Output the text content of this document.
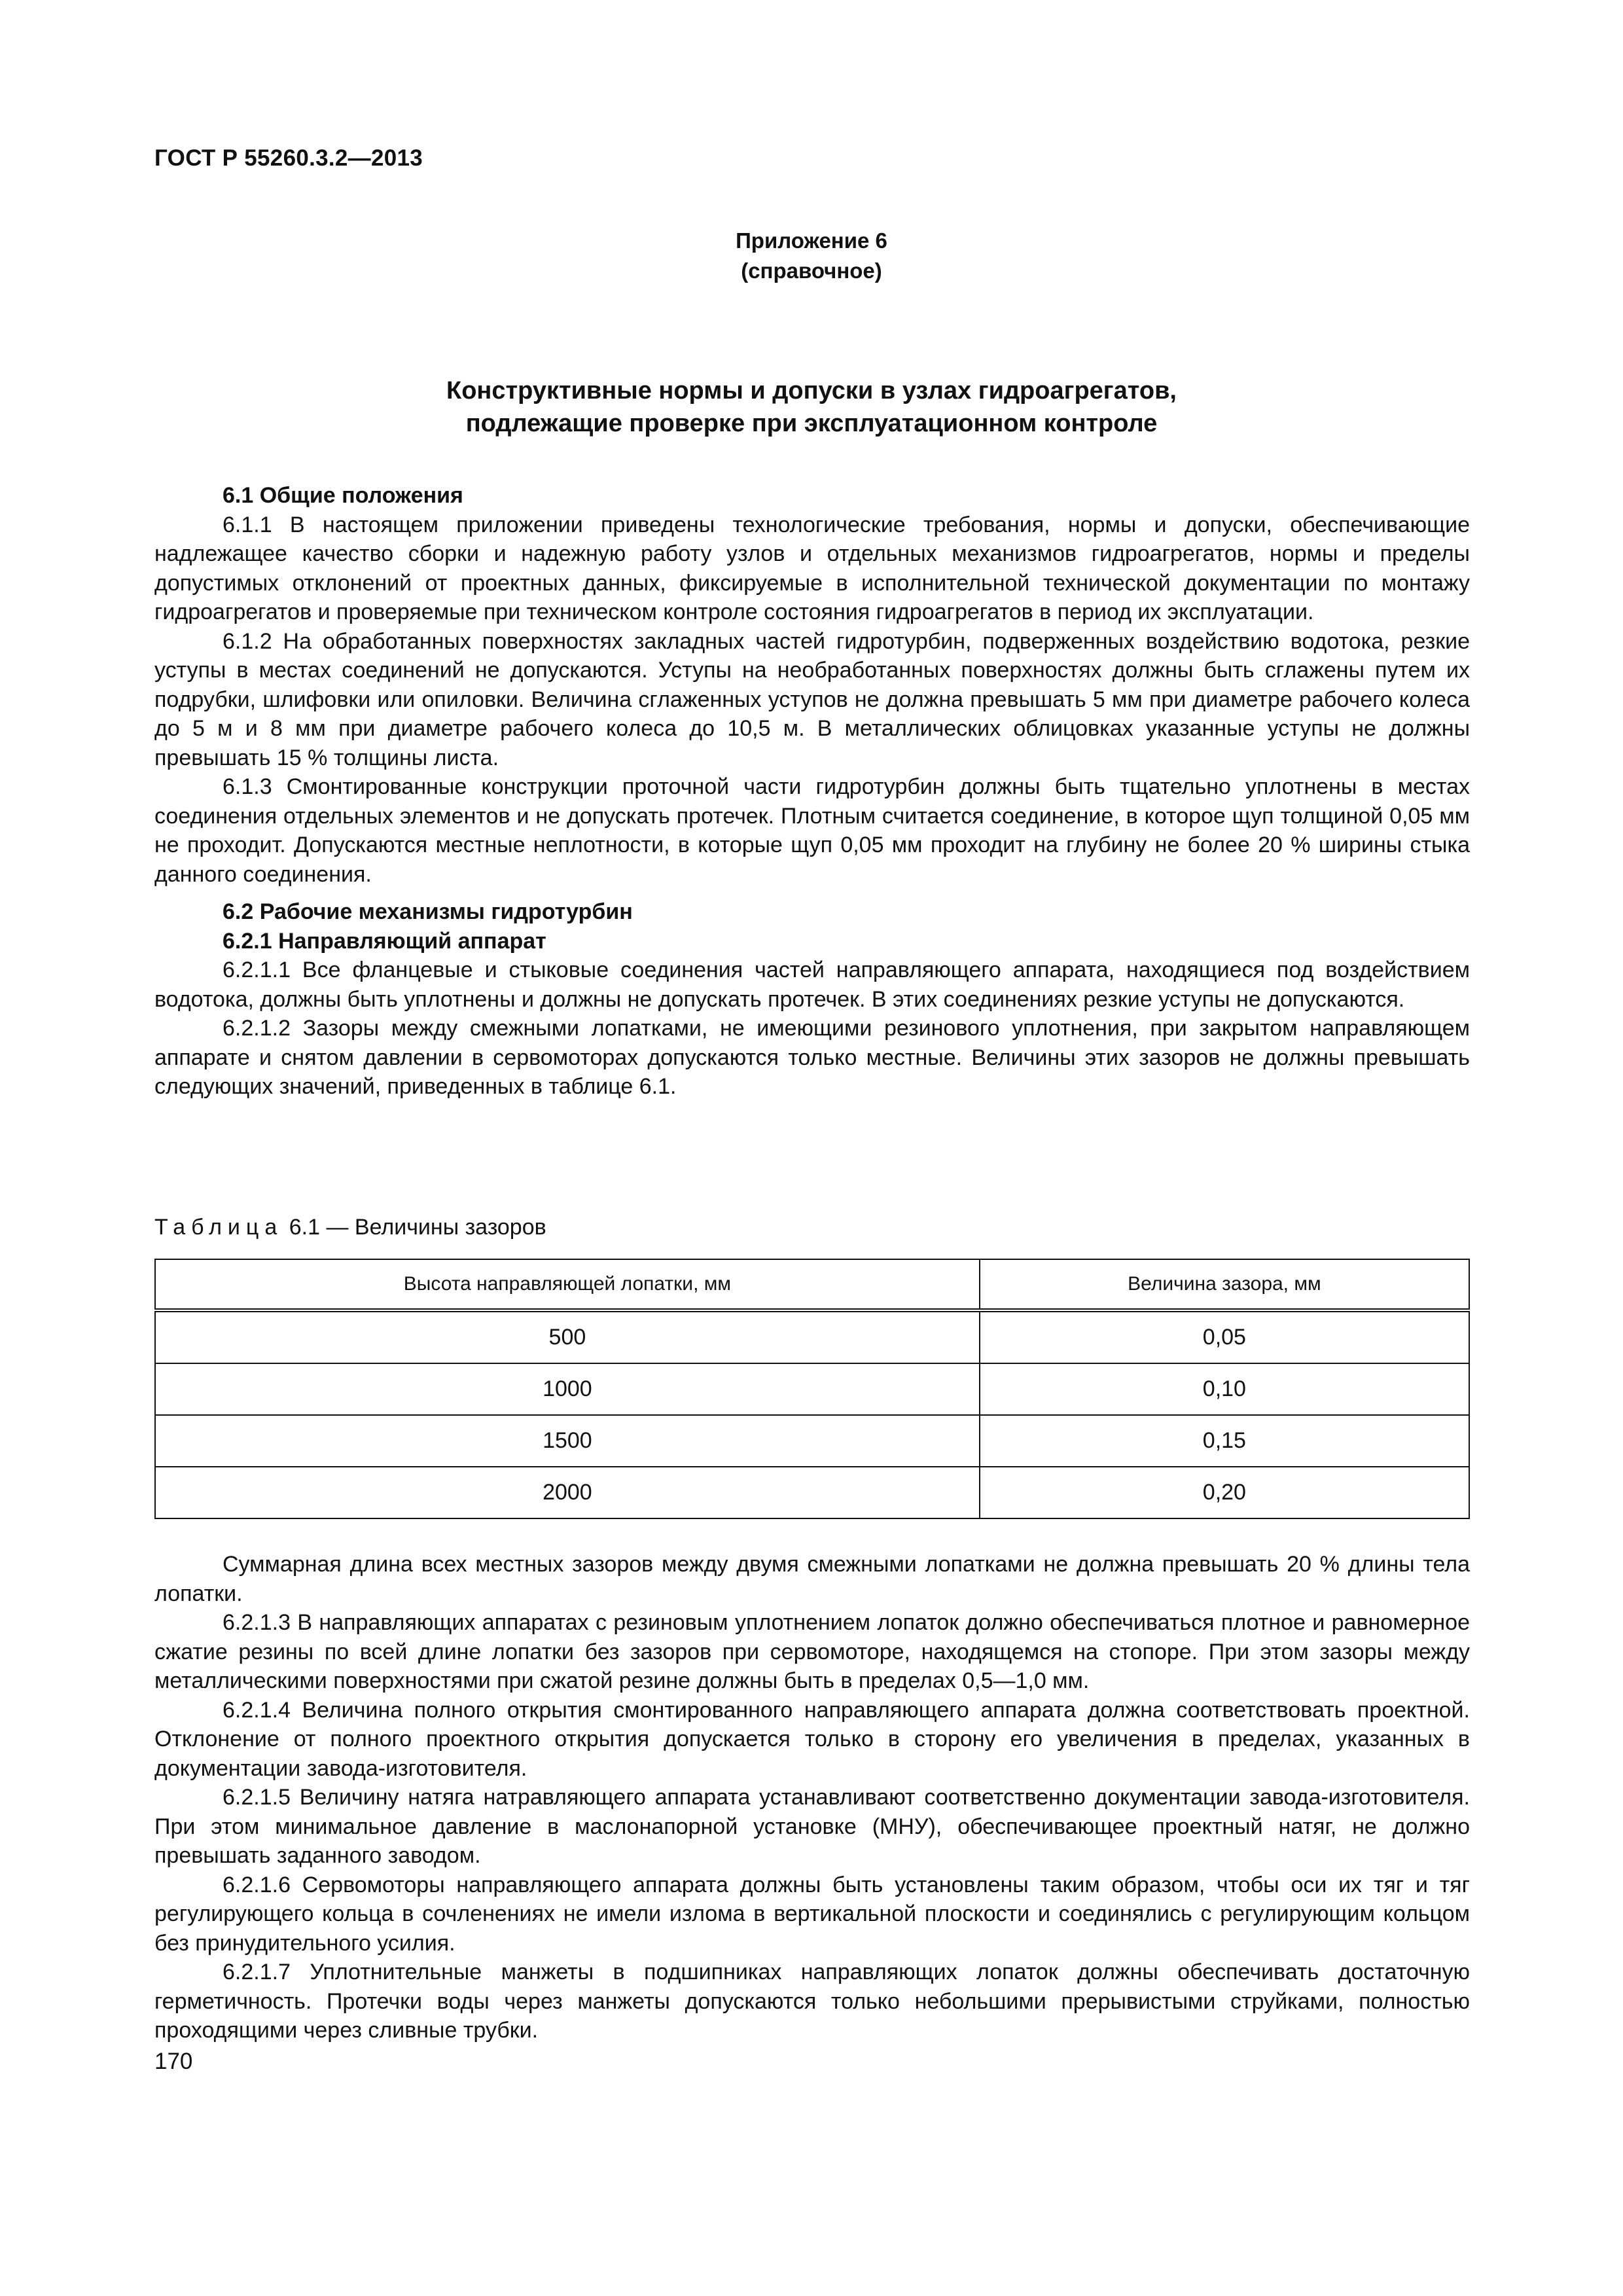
ГОСТ Р 55260.3.2—2013
Приложение 6
(справочное)
Конструктивные нормы и допуски в узлах гидроагрегатов,
подлежащие проверке при эксплуатационном контроле
6.1 Общие положения

6.1.1 В настоящем приложении приведены технологические требования, нормы и допуски, обеспечивающие надлежащее качество сборки и надежную работу узлов и отдельных механизмов гидроагрегатов, нормы и пределы допустимых отклонений от проектных данных, фиксируемые в исполнительной технической документации по монтажу гидроагрегатов и проверяемые при техническом контроле состояния гидроагрегатов в период их эксплуатации.

6.1.2 На обработанных поверхностях закладных частей гидротурбин, подверженных воздействию водотока, резкие уступы в местах соединений не допускаются. Уступы на необработанных поверхностях должны быть сглажены путем их подрубки, шлифовки или опиловки. Величина сглаженных уступов не должна превышать 5 мм при диаметре рабочего колеса до 5 м и 8 мм при диаметре рабочего колеса до 10,5 м. В металлических облицовках указанные уступы не должны превышать 15 % толщины листа.

6.1.3 Смонтированные конструкции проточной части гидротурбин должны быть тщательно уплотнены в местах соединения отдельных элементов и не допускать протечек. Плотным считается соединение, в которое щуп толщиной 0,05 мм не проходит. Допускаются местные неплотности, в которые щуп 0,05 мм проходит на глубину не более 20 % ширины стыка данного соединения.

6.2 Рабочие механизмы гидротурбин
6.2.1 Направляющий аппарат

6.2.1.1 Все фланцевые и стыковые соединения частей направляющего аппарата, находящиеся под воздействием водотока, должны быть уплотнены и должны не допускать протечек. В этих соединениях резкие уступы не допускаются.

6.2.1.2 Зазоры между смежными лопатками, не имеющими резинового уплотнения, при закрытом направляющем аппарате и снятом давлении в сервомоторах допускаются только местные. Величины этих зазоров не должны превышать следующих значений, приведенных в таблице 6.1.

Таблица 6.1 — Величины зазоров
Высота направляющей лопатки, мм	Величина зазора, мм
500	0,05
1000	0,10
1500	0,15
2000	0,20

Суммарная длина всех местных зазоров между двумя смежными лопатками не должна превышать 20 % длины тела лопатки.

6.2.1.3 В направляющих аппаратах с резиновым уплотнением лопаток должно обеспечиваться плотное и равномерное сжатие резины по всей длине лопатки без зазоров при сервомоторе, находящемся на стопоре. При этом зазоры между металлическими поверхностями при сжатой резине должны быть в пределах 0,5—1,0 мм.

6.2.1.4 Величина полного открытия смонтированного направляющего аппарата должна соответствовать проектной. Отклонение от полного проектного открытия допускается только в сторону его увеличения в пределах, указанных в документации завода-изготовителя.

6.2.1.5 Величину натяга натравляющего аппарата устанавливают соответственно документации завода-изготовителя. При этом минимальное давление в маслонапорной установке (МНУ), обеспечивающее проектный натяг, не должно превышать заданного заводом.

6.2.1.6 Сервомоторы направляющего аппарата должны быть установлены таким образом, чтобы оси их тяг и тяг регулирующего кольца в сочленениях не имели излома в вертикальной плоскости и соединялись с регулирующим кольцом без принудительного усилия.

6.2.1.7 Уплотнительные манжеты в подшипниках направляющих лопаток должны обеспечивать достаточную герметичность. Протечки воды через манжеты допускаются только небольшими прерывистыми струйками, полностью проходящими через сливные трубки.

170
